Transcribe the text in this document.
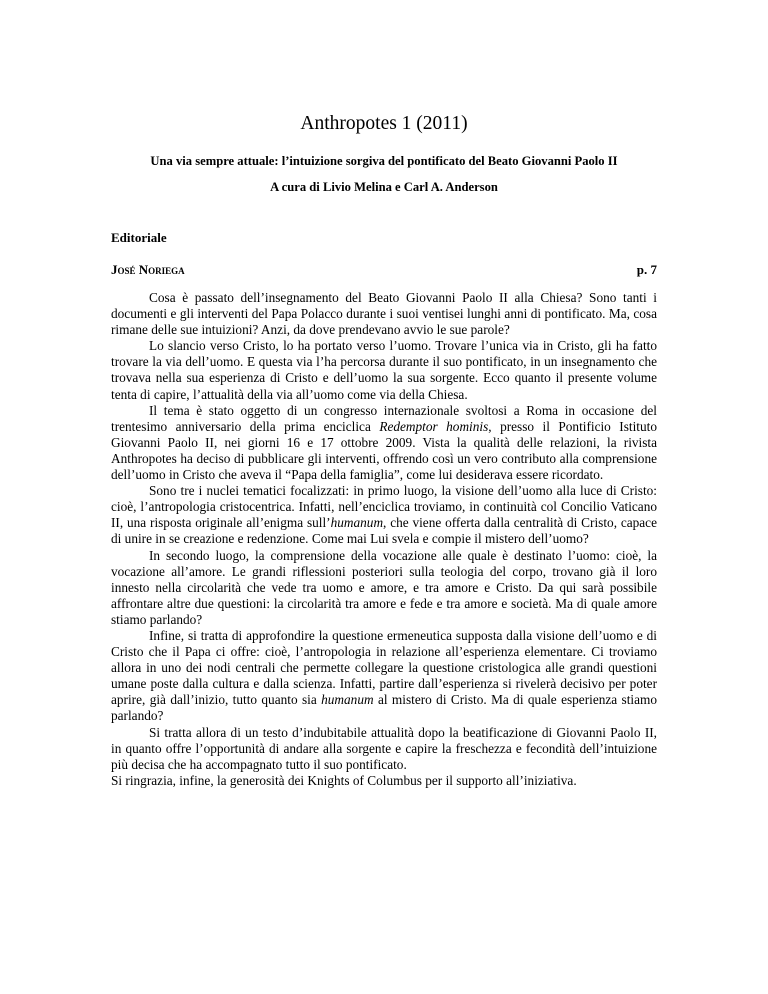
Anthropotes 1 (2011)
Una via sempre attuale: l’intuizione sorgiva del pontificato del Beato Giovanni Paolo II
A cura di Livio Melina e Carl A. Anderson
Editoriale
José Noriega	p. 7

Cosa è passato dell’insegnamento del Beato Giovanni Paolo II alla Chiesa? Sono tanti i documenti e gli interventi del Papa Polacco durante i suoi ventisei lunghi anni di pontificato. Ma, cosa rimane delle sue intuizioni? Anzi, da dove prendevano avvio le sue parole?

Lo slancio verso Cristo, lo ha portato verso l’uomo. Trovare l’unica via in Cristo, gli ha fatto trovare la via dell’uomo. E questa via l’ha percorsa durante il suo pontificato, in un insegnamento che trovava nella sua esperienza di Cristo e dell’uomo la sua sorgente. Ecco quanto il presente volume tenta di capire, l’attualità della via all’uomo come via della Chiesa.

Il tema è stato oggetto di un congresso internazionale svoltosi a Roma in occasione del trentesimo anniversario della prima enciclica Redemptor hominis, presso il Pontificio Istituto Giovanni Paolo II, nei giorni 16 e 17 ottobre 2009. Vista la qualità delle relazioni, la rivista Anthropotes ha deciso di pubblicare gli interventi, offrendo così un vero contributo alla comprensione dell’uomo in Cristo che aveva il “Papa della famiglia”, come lui desiderava essere ricordato.

Sono tre i nuclei tematici focalizzati: in primo luogo, la visione dell’uomo alla luce di Cristo: cioè, l’antropologia cristocentrica. Infatti, nell’enciclica troviamo, in continuità col Concilio Vaticano II, una risposta originale all’enigma sull’humanum, che viene offerta dalla centralità di Cristo, capace di unire in se creazione e redenzione. Come mai Lui svela e compie il mistero dell’uomo?

In secondo luogo, la comprensione della vocazione alle quale è destinato l’uomo: cioè, la vocazione all’amore. Le grandi riflessioni posteriori sulla teologia del corpo, trovano già il loro innesto nella circolarità che vede tra uomo e amore, e tra amore e Cristo. Da qui sarà possibile affrontare altre due questioni: la circolarità tra amore e fede e tra amore e società. Ma di quale amore stiamo parlando?

Infine, si tratta di approfondire la questione ermeneutica supposta dalla visione dell’uomo e di Cristo che il Papa ci offre: cioè, l’antropologia in relazione all’esperienza elementare. Ci troviamo allora in uno dei nodi centrali che permette collegare la questione cristologica alle grandi questioni umane poste dalla cultura e dalla scienza. Infatti, partire dall’esperienza si rivelerà decisivo per poter aprire, già dall’inizio, tutto quanto sia humanum al mistero di Cristo. Ma di quale esperienza stiamo parlando?

Si tratta allora di un testo d’indubitabile attualità dopo la beatificazione di Giovanni Paolo II, in quanto offre l’opportunità di andare alla sorgente e capire la freschezza e fecondità dell’intuizione più decisa che ha accompagnato tutto il suo pontificato.

Si ringrazia, infine, la generosità dei Knights of Columbus per il supporto all’iniziativa.
